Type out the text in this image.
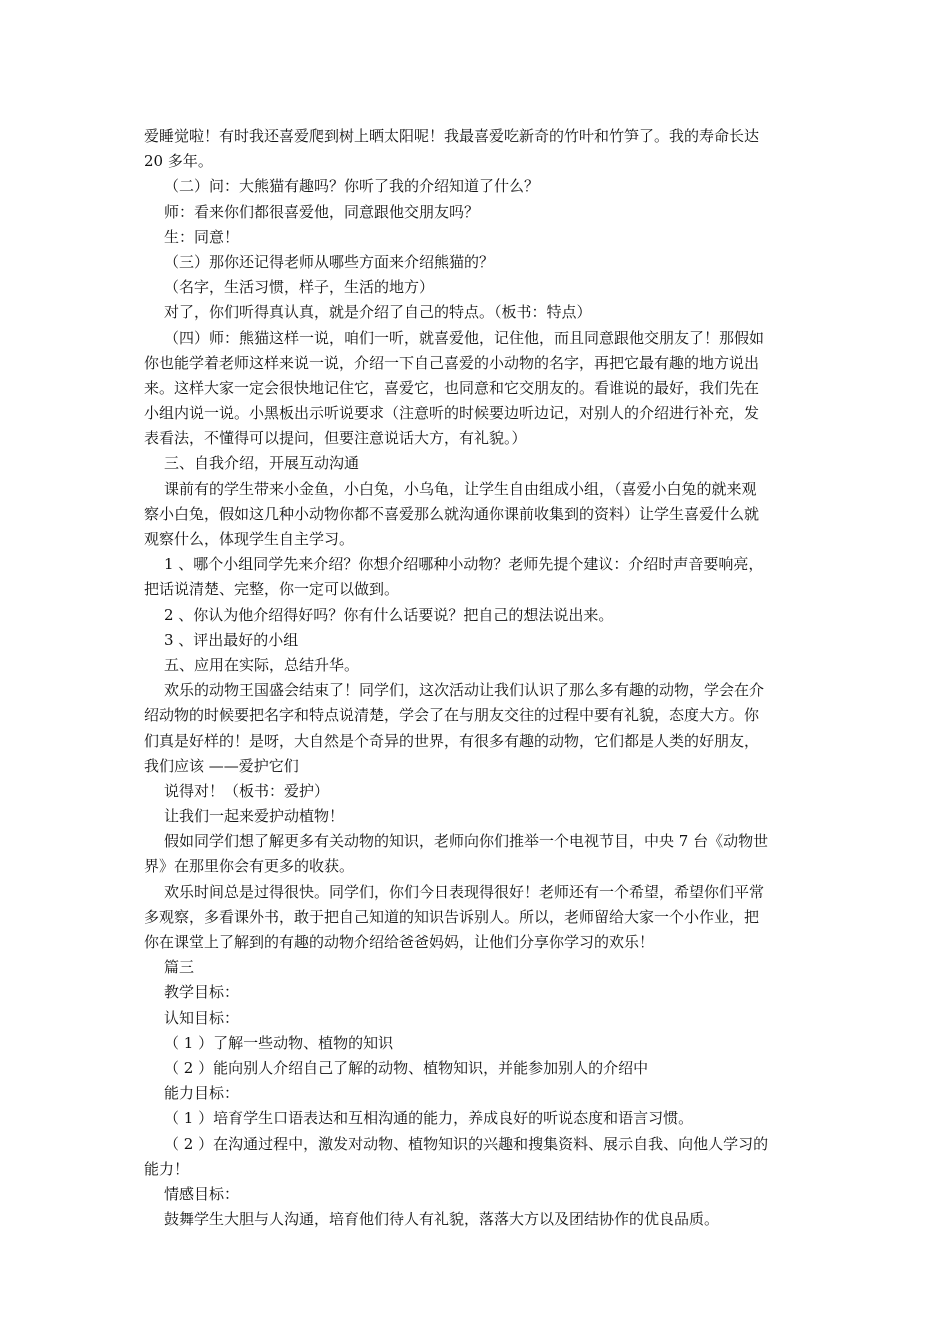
爱睡觉啦！有时我还喜爱爬到树上晒太阳呢！我最喜爱吃新奇的竹叶和竹笋了。我的寿命长达
20 多年。
（二）问：大熊猫有趣吗？你听了我的介绍知道了什么？
师：看来你们都很喜爱他，同意跟他交朋友吗？
生：同意！
（三）那你还记得老师从哪些方面来介绍熊猫的？
（名字，生活习惯，样子，生活的地方）
对了，你们听得真认真，就是介绍了自己的特点。（板书：特点）
（四）师：熊猫这样一说，咱们一听，就喜爱他，记住他，而且同意跟他交朋友了！那假如
你也能学着老师这样来说一说，介绍一下自己喜爱的小动物的名字，再把它最有趣的地方说出
来。这样大家一定会很快地记住它，喜爱它，也同意和它交朋友的。看谁说的最好，我们先在
小组内说一说。小黑板出示听说要求（注意听的时候要边听边记，对别人的介绍进行补充，发
表看法，不懂得可以提问，但要注意说话大方，有礼貌。）
三、自我介绍，开展互动沟通
课前有的学生带来小金鱼，小白兔，小乌龟，让学生自由组成小组，（喜爱小白兔的就来观
察小白兔，假如这几种小动物你都不喜爱那么就沟通你课前收集到的资料）让学生喜爱什么就
观察什么，体现学生自主学习。
1 、哪个小组同学先来介绍？你想介绍哪种小动物？老师先提个建议：介绍时声音要响亮，
把话说清楚、完整，你一定可以做到。
2 、你认为他介绍得好吗？你有什么话要说？把自己的想法说出来。
3 、评出最好的小组
五、应用在实际，总结升华。
欢乐的动物王国盛会结束了！同学们，这次活动让我们认识了那么多有趣的动物，学会在介
绍动物的时候要把名字和特点说清楚，学会了在与朋友交往的过程中要有礼貌，态度大方。你
们真是好样的！是呀，大自然是个奇异的世界，有很多有趣的动物，它们都是人类的好朋友，
我们应该 ——爱护它们
说得对！（板书：爱护）
让我们一起来爱护动植物！
假如同学们想了解更多有关动物的知识，老师向你们推举一个电视节目，中央 7 台《动物世
界》在那里你会有更多的收获。
欢乐时间总是过得很快。同学们，你们今日表现得很好！老师还有一个希望，希望你们平常
多观察，多看课外书，敢于把自己知道的知识告诉别人。所以，老师留给大家一个小作业，把
你在课堂上了解到的有趣的动物介绍给爸爸妈妈，让他们分享你学习的欢乐！
篇三
教学目标：
认知目标：
（ 1 ）了解一些动物、植物的知识
（ 2 ）能向别人介绍自己了解的动物、植物知识，并能参加别人的介绍中
能力目标：
（ 1 ）培育学生口语表达和互相沟通的能力，养成良好的听说态度和语言习惯。
（ 2 ）在沟通过程中，激发对动物、植物知识的兴趣和搜集资料、展示自我、向他人学习的
能力！
情感目标：
鼓舞学生大胆与人沟通，培育他们待人有礼貌，落落大方以及团结协作的优良品质。
